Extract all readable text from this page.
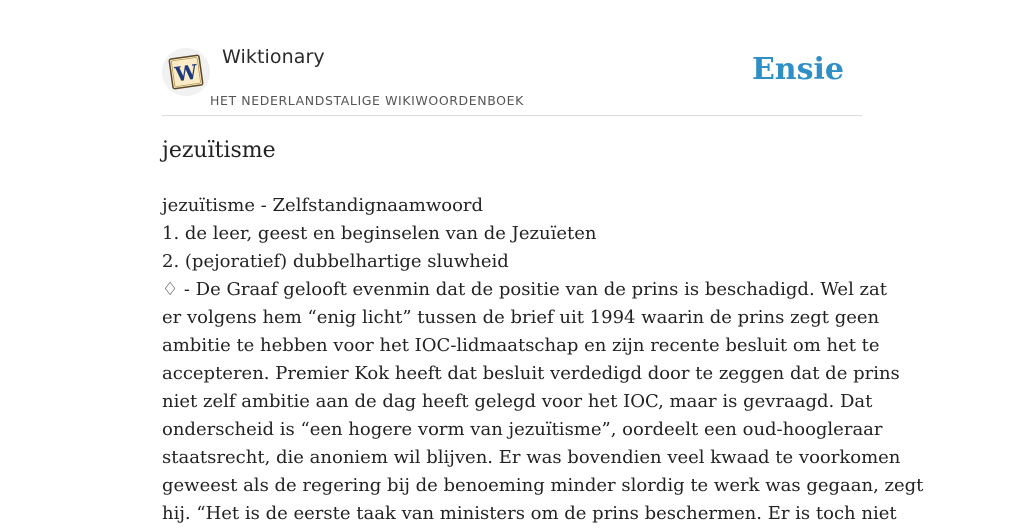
W
Wiktionary
HET NEDERLANDSTALIGE WIKIWOORDENBOEK
Ensie
jezuïtisme
jezuïtisme - Zelfstandignaamwoord
1. de leer, geest en beginselen van de Jezuïeten
2. (pejoratief) dubbelhartige sluwheid
♢ - De Graaf gelooft evenmin dat de positie van de prins is beschadigd. Wel zat
er volgens hem “enig licht” tussen de brief uit 1994 waarin de prins zegt geen
ambitie te hebben voor het IOC-lidmaatschap en zijn recente besluit om het te
accepteren. Premier Kok heeft dat besluit verdedigd door te zeggen dat de prins
niet zelf ambitie aan de dag heeft gelegd voor het IOC, maar is gevraagd. Dat
onderscheid is “een hogere vorm van jezuïtisme”, oordeelt een oud-hoogleraar
staatsrecht, die anoniem wil blijven. Er was bovendien veel kwaad te voorkomen
geweest als de regering bij de benoeming minder slordig te werk was gegaan, zegt
hij. “Het is de eerste taak van ministers om de prins beschermen. Er is toch niet
